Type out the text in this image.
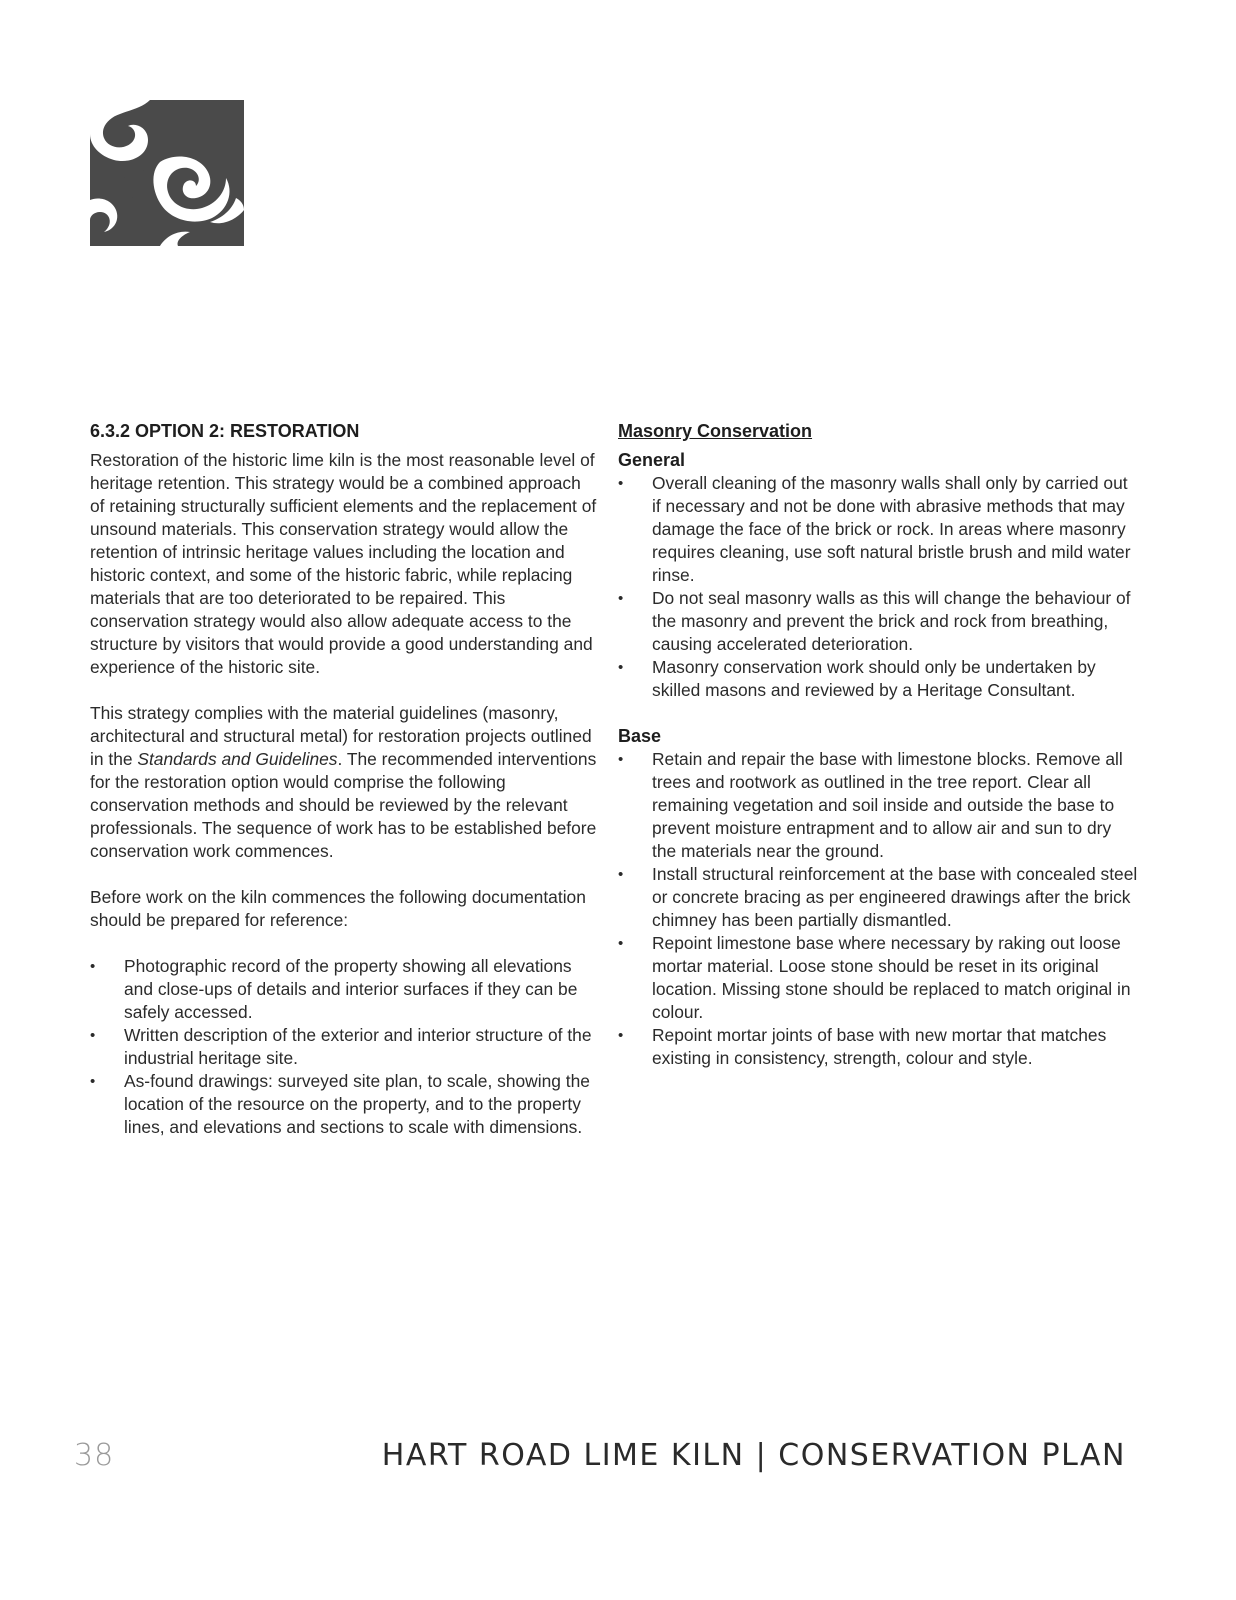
6.3.2 OPTION 2: RESTORATION

Restoration of the historic lime kiln is the most reasonable level of heritage retention. This strategy would be a combined approach of retaining structurally sufficient elements and the replacement of unsound materials. This conservation strategy would allow the retention of intrinsic heritage values including the location and historic context, and some of the historic fabric, while replacing materials that are too deteriorated to be repaired. This conservation strategy would also allow adequate access to the structure by visitors that would provide a good understanding and experience of the historic site.

This strategy complies with the material guidelines (masonry, architectural and structural metal) for restoration projects outlined in the Standards and Guidelines. The recommended interventions for the restoration option would comprise the following conservation methods and should be reviewed by the relevant professionals. The sequence of work has to be established before conservation work commences.

Before work on the kiln commences the following documentation should be prepared for reference:

•	Photographic record of the property showing all elevations and close-ups of details and interior surfaces if they can be safely accessed.
•	Written description of the exterior and interior structure of the industrial heritage site.
•	As-found drawings: surveyed site plan, to scale, showing the location of the resource on the property, and to the property lines, and elevations and sections to scale with dimensions.
Masonry Conservation
General
•	Overall cleaning of the masonry walls shall only by carried out if necessary and not be done with abrasive methods that may damage the face of the brick or rock. In areas where masonry requires cleaning, use soft natural bristle brush and mild water rinse.
•	Do not seal masonry walls as this will change the behaviour of the masonry and prevent the brick and rock from breathing, causing accelerated deterioration.
•	Masonry conservation work should only be undertaken by skilled masons and reviewed by a Heritage Consultant.
Base
•	Retain and repair the base with limestone blocks. Remove all trees and rootwork as outlined in the tree report. Clear all remaining vegetation and soil inside and outside the base to prevent moisture entrapment and to allow air and sun to dry the materials near the ground.
•	Install structural reinforcement at the base with concealed steel or concrete bracing as per engineered drawings after the brick chimney has been partially dismantled.
•	Repoint limestone base where necessary by raking out loose mortar material. Loose stone should be reset in its original location. Missing stone should be replaced to match original in colour.
•	Repoint mortar joints of base with new mortar that matches existing in consistency, strength, colour and style.
38	HART ROAD LIME KILN | CONSERVATION PLAN
